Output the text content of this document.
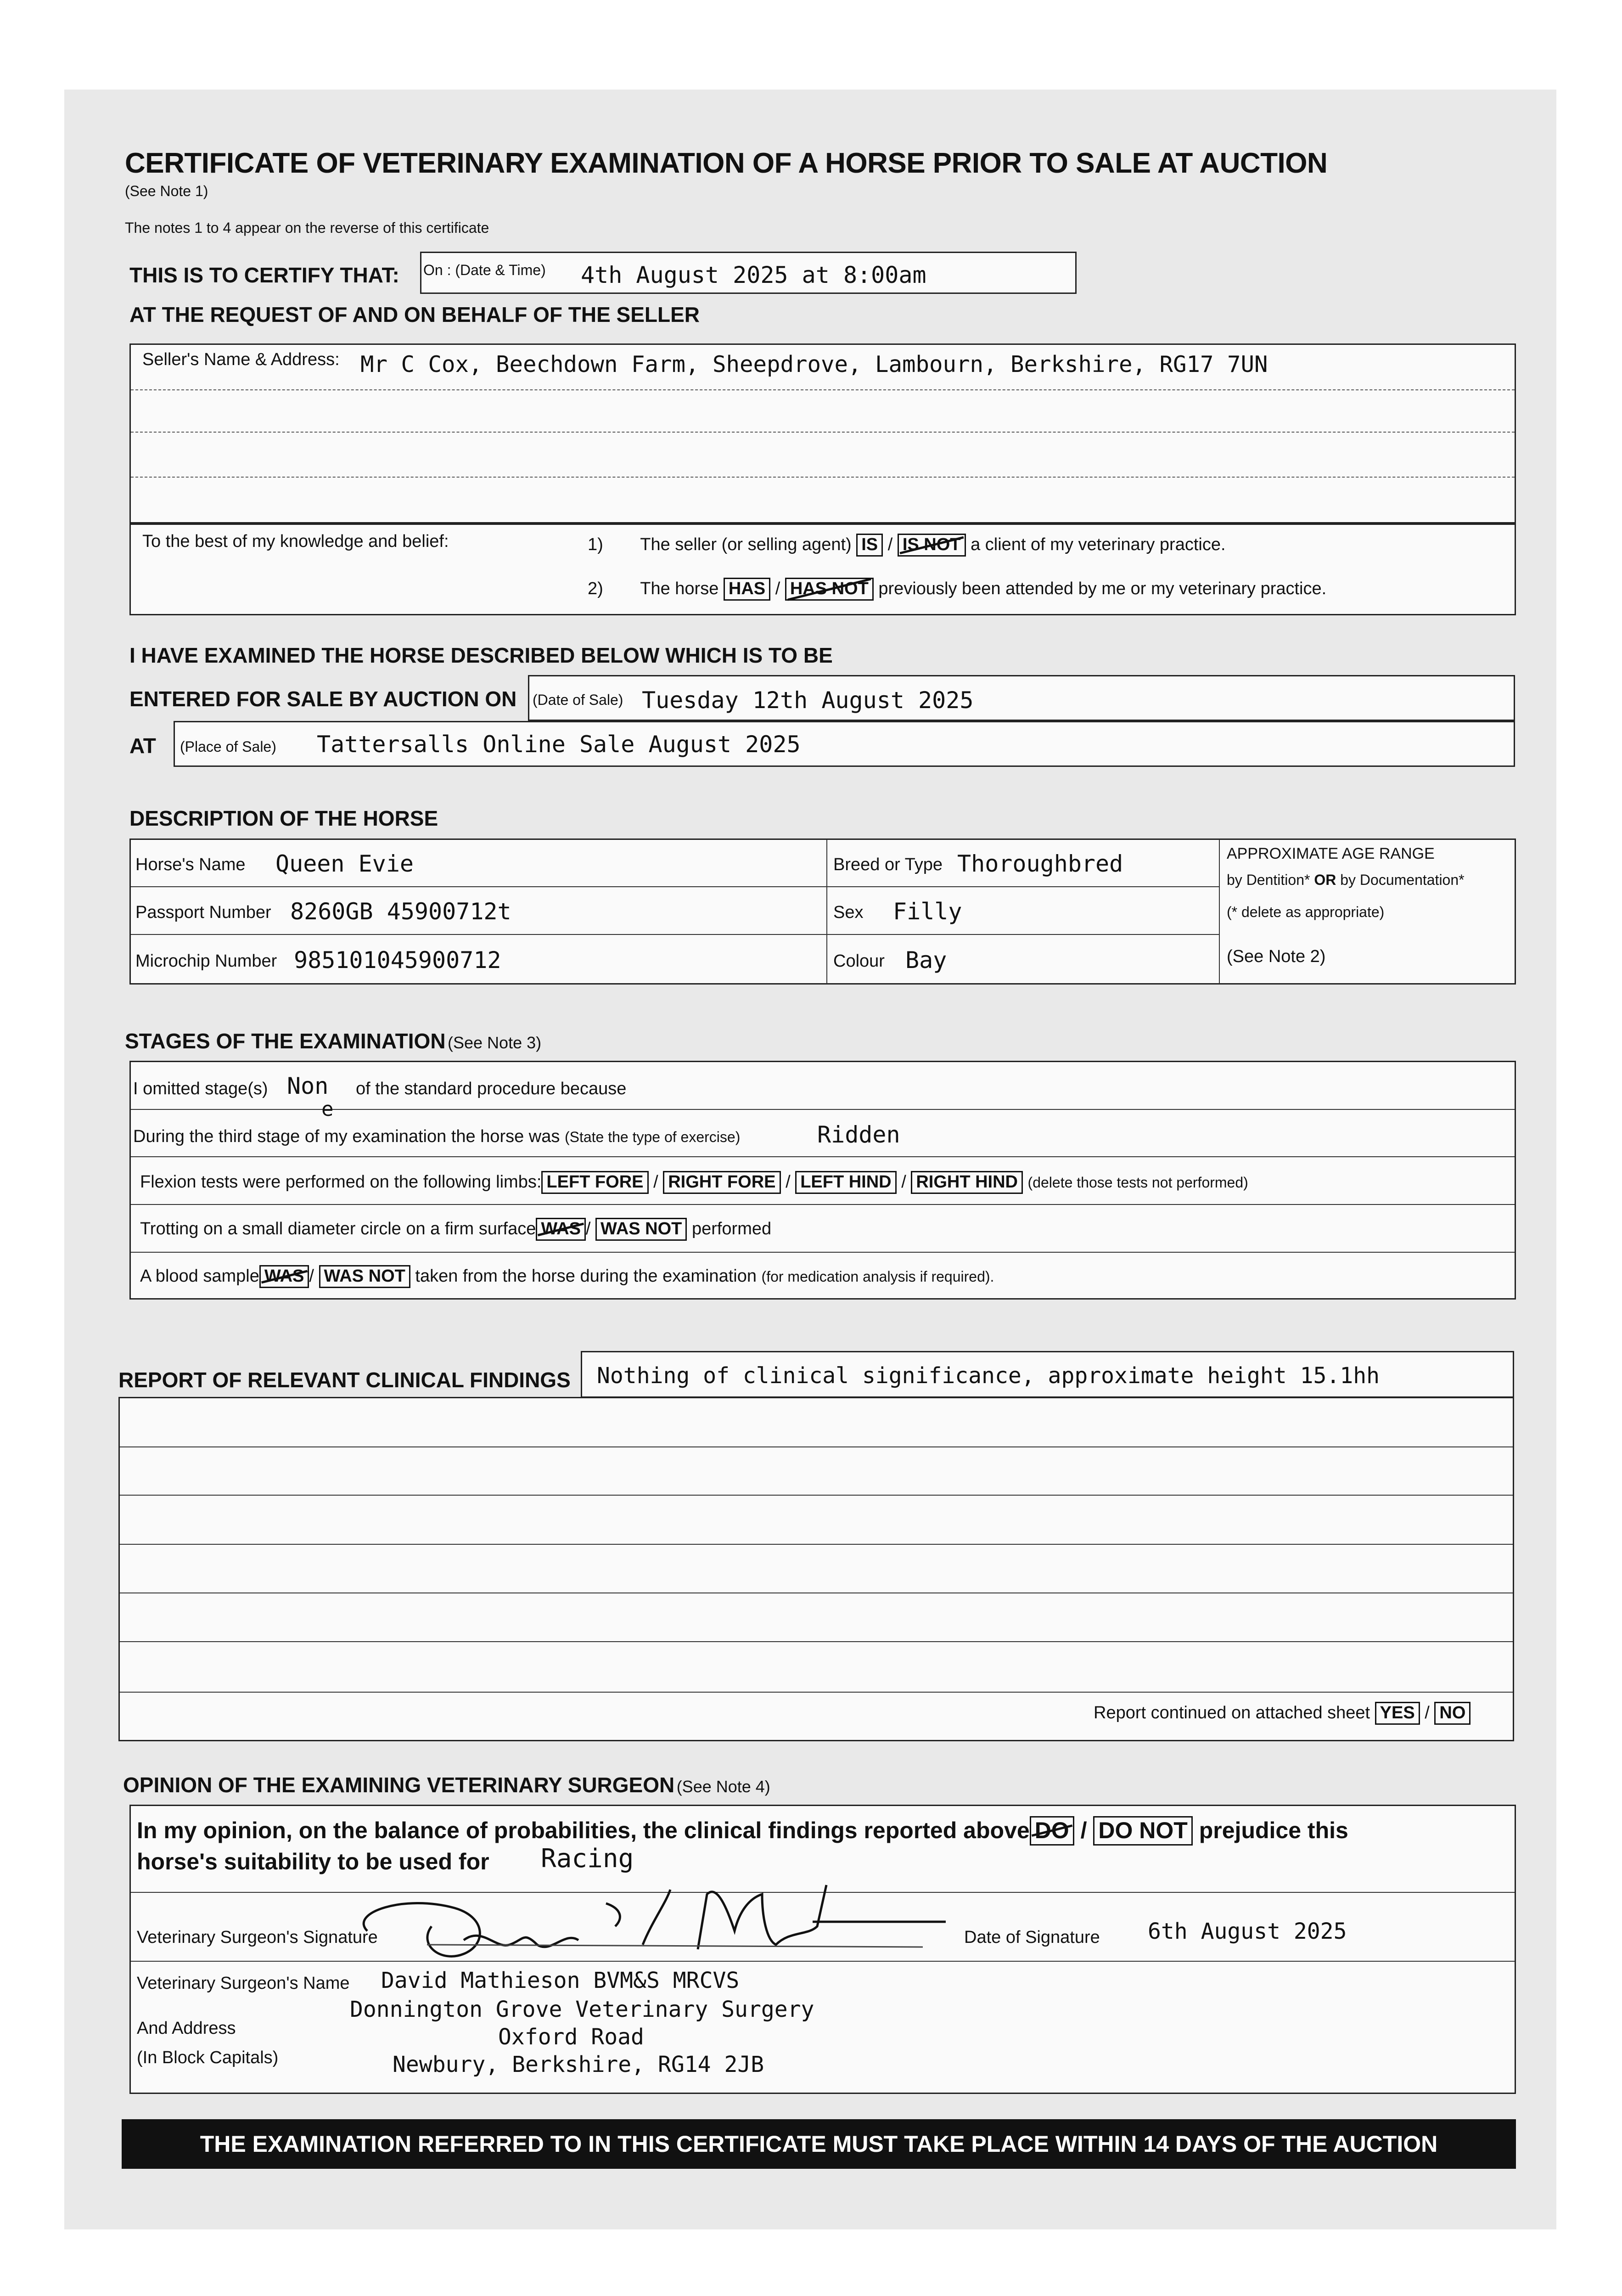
CERTIFICATE OF VETERINARY EXAMINATION OF A HORSE PRIOR TO SALE AT AUCTION
(See Note 1)
The notes 1 to 4 appear on the reverse of this certificate
THIS IS TO CERTIFY THAT: On : (Date & Time) 4th August 2025 at 8:00am
AT THE REQUEST OF AND ON BEHALF OF THE SELLER
Seller's Name & Address: Mr C Cox, Beechdown Farm, Sheepdrove, Lambourn, Berkshire, RG17 7UN
To the best of my knowledge and belief:	1) The seller (or selling agent) IS / IS NOT a client of my veterinary practice.
2) The horse HAS / HAS NOT previously been attended by me or my veterinary practice.
I HAVE EXAMINED THE HORSE DESCRIBED BELOW WHICH IS TO BE
ENTERED FOR SALE BY AUCTION ON (Date of Sale) Tuesday 12th August 2025
AT (Place of Sale) Tattersalls Online Sale August 2025
DESCRIPTION OF THE HORSE
Horse's Name Queen Evie
Passport Number 8260GB 45900712t
Microchip Number 985101045900712
Breed or Type Thoroughbred
Sex Filly
Colour Bay
APPROXIMATE AGE RANGE
by Dentition* OR by Documentation*
(* delete as appropriate)
(See Note 2)
STAGES OF THE EXAMINATION (See Note 3)
I omitted stage(s) Non
e
of the standard procedure because
During the third stage of my examination the horse was (State the type of exercise)	Ridden
Flexion tests were performed on the following limbs: LEFT FORE / RIGHT FORE / LEFT HIND / RIGHT HIND (delete those tests not performed)
Trotting on a small diameter circle on a firm surface WAS / WAS NOT performed
A blood sample WAS / WAS NOT taken from the horse during the examination (for medication analysis if required).
REPORT OF RELEVANT CLINICAL FINDINGS Nothing of clinical significance, approximate height 15.1hh
Report continued on attached sheet YES / NO
OPINION OF THE EXAMINING VETERINARY SURGEON (See Note 4)
In my opinion, on the balance of probabilities, the clinical findings reported above DO / DO NOT prejudice this
horse's suitability to be used for Racing
Veterinary Surgeon's Signature	Date of Signature 6th August 2025
Veterinary Surgeon's Name David Mathieson BVM&S MRCVS
And Address
(In Block Capitals)
Donnington Grove Veterinary Surgery
Oxford Road
Newbury, Berkshire, RG14 2JB
THE EXAMINATION REFERRED TO IN THIS CERTIFICATE MUST TAKE PLACE WITHIN 14 DAYS OF THE AUCTION
